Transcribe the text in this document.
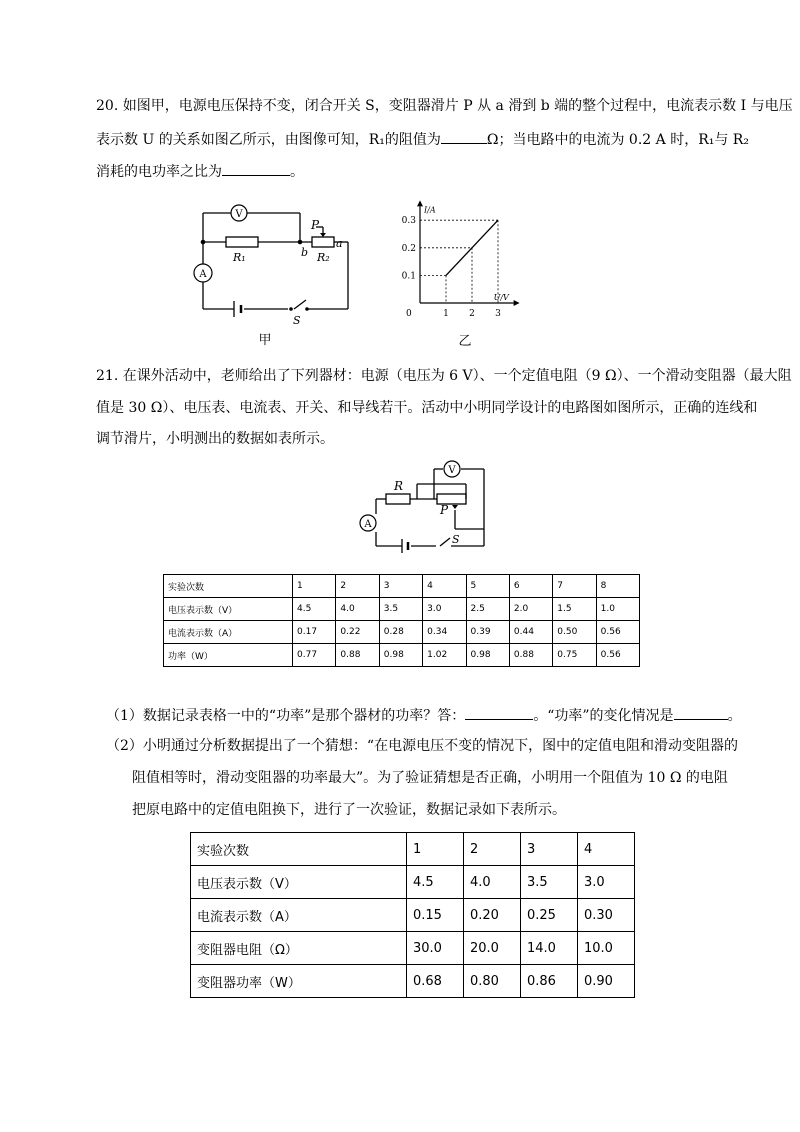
20. 如图甲，电源电压保持不变，闭合开关 S，变阻器滑片 P 从 a 滑到 b 端的整个过程中，电流表示数 I 与电压
表示数 U 的关系如图乙所示，由图像可知，R₁的阻值为	Ω；当电路中的电流为 0.2 A 时，R₁与 R₂
消耗的电功率之比为	。
V
A
R₁	R₂
P
a
b
S
甲
1 2 3
0.1
0.2
0.3
0
U/V
I/A
乙
21. 在课外活动中，老师给出了下列器材：电源（电压为 6 V）、一个定值电阻（9 Ω）、一个滑动变阻器（最大阻
值是 30 Ω）、电压表、电流表、开关、和导线若干。活动中小明同学设计的电路图如图所示，正确的连线和
调节滑片，小明测出的数据如表所示。
V
A
R
P
S
实验次数	1	2	3	4	5	6	7	8
电压表示数（V）	4.5	4.0	3.5	3.0	2.5	2.0	1.5	1.0
电流表示数（A）	0.17	0.22	0.28	0.34	0.39	0.44	0.50	0.56
功率（W）	0.77	0.88	0.98	1.02	0.98	0.88	0.75	0.56
（1）数据记录表格一中的“功率”是那个器材的功率？答：	。“功率”的变化情况是	。
（2）小明通过分析数据提出了一个猜想：“在电源电压不变的情况下，图中的定值电阻和滑动变阻器的
阻值相等时，滑动变阻器的功率最大”。为了验证猜想是否正确，小明用一个阻值为 10 Ω 的电阻
把原电路中的定值电阻换下，进行了一次验证，数据记录如下表所示。
实验次数	1	2	3	4
电压表示数（V）	4.5	4.0	3.5	3.0
电流表示数（A）	0.15	0.20	0.25	0.30
变阻器电阻（Ω）	30.0	20.0	14.0	10.0
变阻器功率（W）	0.68	0.80	0.86	0.90
